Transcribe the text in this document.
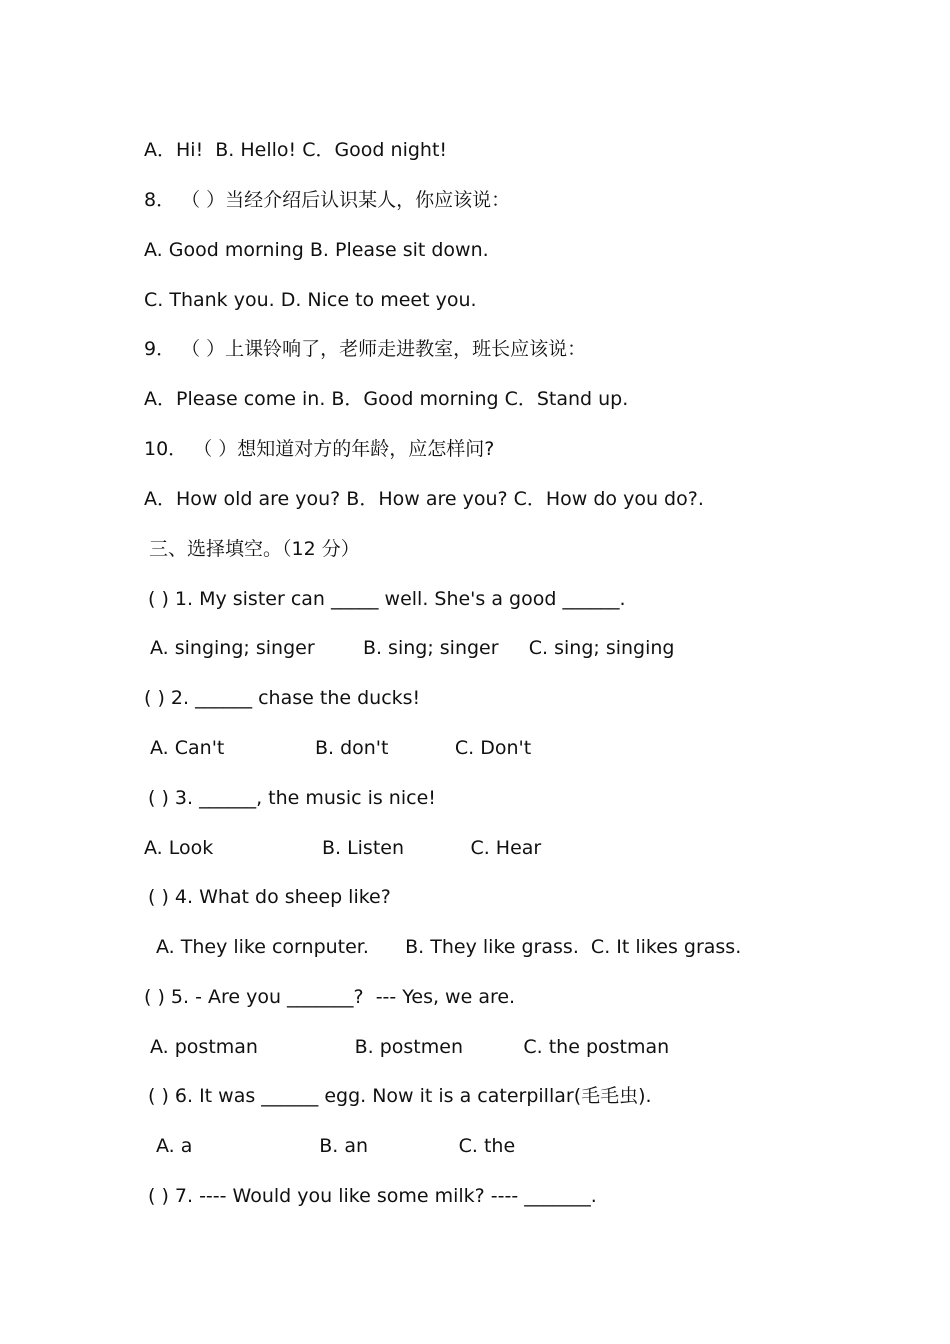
A．Hi!  B. Hello! C．Good night!

8． （ ）当经介绍后认识某人，你应该说：

A. Good morning B. Please sit down.

C. Thank you. D. Nice to meet you.

9． （ ）上课铃响了，老师走进教室，班长应该说：

A．Please come in. B．Good morning C．Stand up.

10． （ ）想知道对方的年龄，应怎样问?

A．How old are you? B．How are you? C．How do you do?.

三、选择填空。（12 分）

( ) 1. My sister can _____ well. She's a good ______.

A. singing; singer        B. sing; singer     C. sing; singing

( ) 2. ______ chase the ducks!

A. Can't               B. don't           C. Don't

( ) 3. ______, the music is nice!

A. Look                  B. Listen           C. Hear

( ) 4. What do sheep like?

A. They like cornputer.      B. They like grass.  C. It likes grass.

( ) 5. - Are you _______?  --- Yes, we are.

A. postman                B. postmen          C. the postman

( ) 6. It was ______ egg. Now it is a caterpillar(毛毛虫).

A. a                     B. an               C. the

( ) 7. ---- Would you like some milk? ---- _______.
